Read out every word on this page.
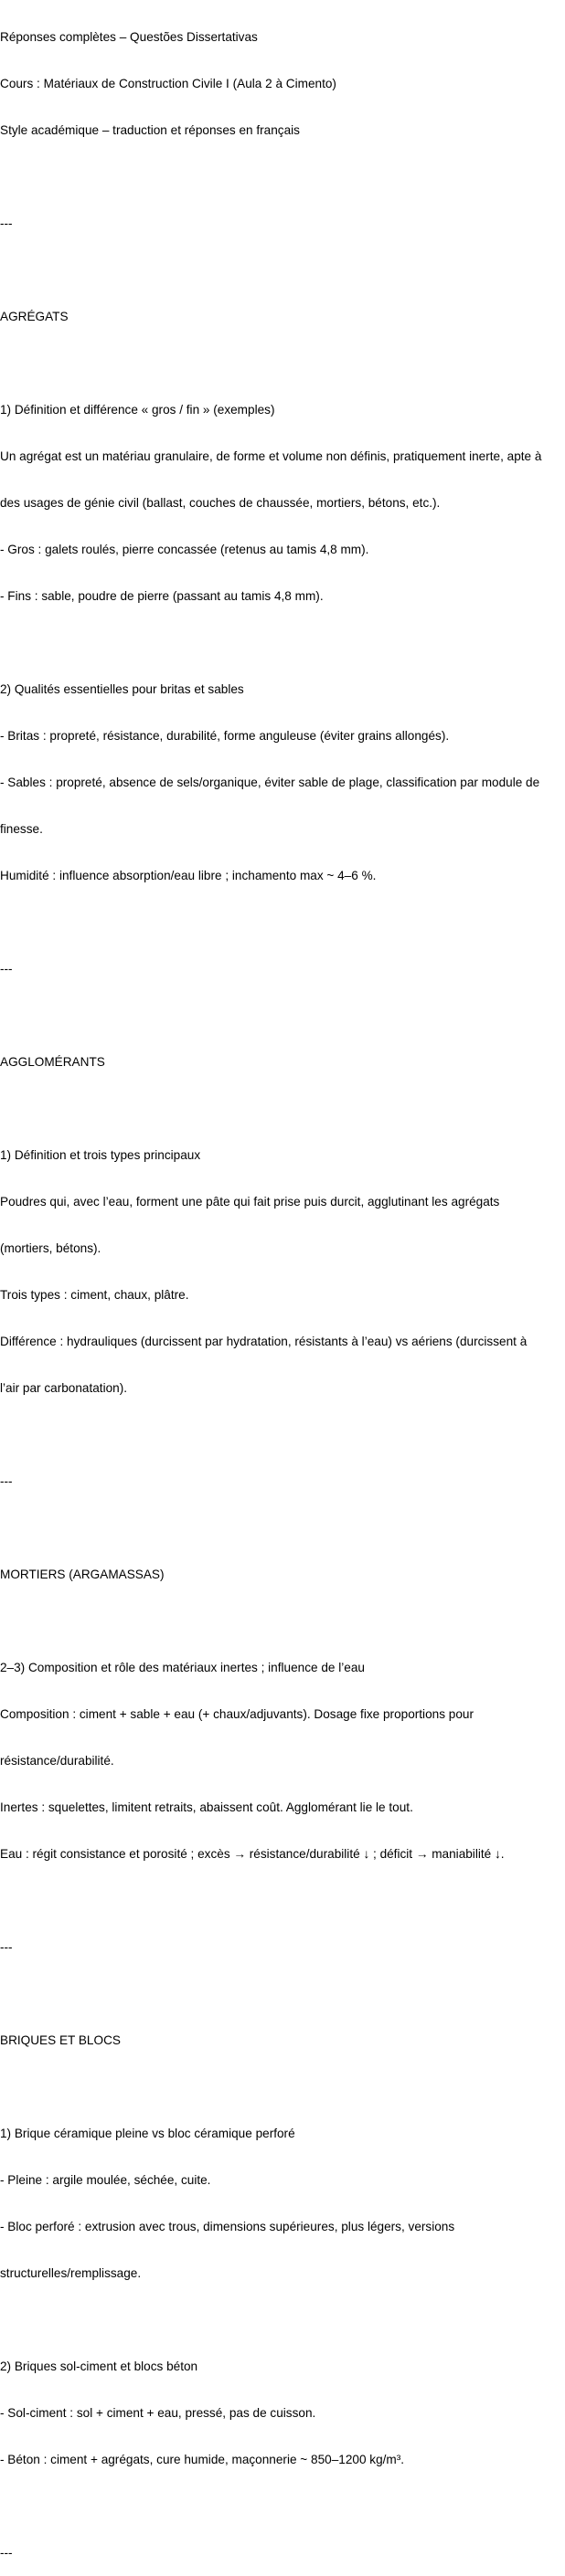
Réponses complètes – Questões Dissertativas

Cours : Matériaux de Construction Civile I (Aula 2 à Cimento)

Style académique – traduction et réponses en français

---

AGRÉGATS

1) Définition et différence « gros / fin » (exemples)

Un agrégat est un matériau granulaire, de forme et volume non définis, pratiquement inerte, apte à

des usages de génie civil (ballast, couches de chaussée, mortiers, bétons, etc.).

- Gros : galets roulés, pierre concassée (retenus au tamis 4,8 mm).

- Fins : sable, poudre de pierre (passant au tamis 4,8 mm).

2) Qualités essentielles pour britas et sables

- Britas : propreté, résistance, durabilité, forme anguleuse (éviter grains allongés).

- Sables : propreté, absence de sels/organique, éviter sable de plage, classification par module de

finesse.

Humidité : influence absorption/eau libre ; inchamento max ~ 4–6 %.

---

AGGLOMÉRANTS

1) Définition et trois types principaux

Poudres qui, avec l’eau, forment une pâte qui fait prise puis durcit, agglutinant les agrégats

(mortiers, bétons).

Trois types : ciment, chaux, plâtre.

Différence : hydrauliques (durcissent par hydratation, résistants à l’eau) vs aériens (durcissent à

l’air par carbonatation).

---

MORTIERS (ARGAMASSAS)

2–3) Composition et rôle des matériaux inertes ; influence de l’eau

Composition : ciment + sable + eau (+ chaux/adjuvants). Dosage fixe proportions pour

résistance/durabilité.

Inertes : squelettes, limitent retraits, abaissent coût. Agglomérant lie le tout.

Eau : régit consistance et porosité ; excès → résistance/durabilité ↓ ; déficit → maniabilité ↓.

---

BRIQUES ET BLOCS

1) Brique céramique pleine vs bloc céramique perforé

- Pleine : argile moulée, séchée, cuite.

- Bloc perforé : extrusion avec trous, dimensions supérieures, plus légers, versions

structurelles/remplissage.

2) Briques sol-ciment et blocs béton

- Sol-ciment : sol + ciment + eau, pressé, pas de cuisson.

- Béton : ciment + agrégats, cure humide, maçonnerie ~ 850–1200 kg/m³.

---
